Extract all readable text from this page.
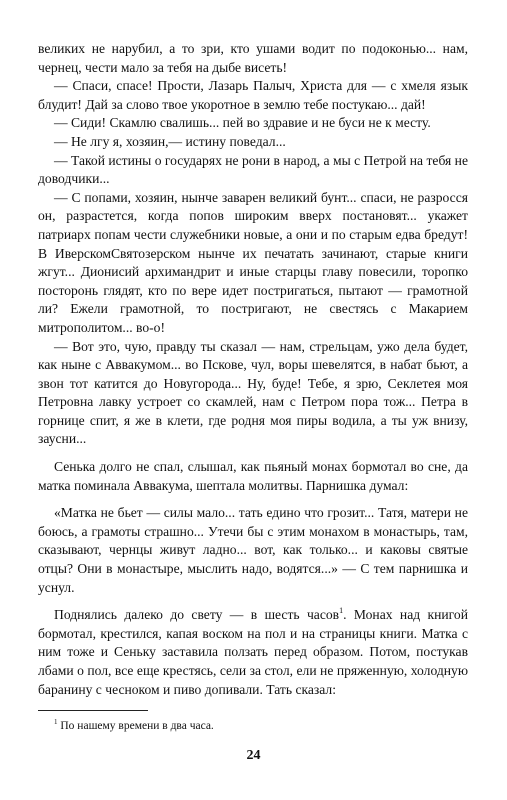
великих не нарубил, а то зри, кто ушами водит по подоконью... нам, чернец, чести мало за тебя на дыбе висеть!

— Спаси, спасе! Прости, Лазарь Палыч, Христа для — с хмеля язык блудит! Дай за слово твое укоротное в землю тебе постукаю... дай!

— Сиди! Скамлю свалишь... пей во здравие и не буси не к месту.

— Не лгу я, хозяин,— истину поведал...

— Такой истины о государях не рони в народ, а мы с Петрой на тебя не доводчики...

— С попами, хозяин, нынче заварен великий бунт... спаси, не разросся он, разрастется, когда попов широким вверх постановят... укажет патриарх попам чести служебники новые, а они и по старым едва бредут! В ИверскомСвятозерском нынче их печатать зачинают, старые книги жгут... Дионисий архимандрит и иные старцы главу повесили, торопко посторонь глядят, кто по вере идет постригаться, пытают — грамотной ли? Ежели грамотной, то постригают, не свестясь с Макарием митрополитом... во-о!

— Вот это, чую, правду ты сказал — нам, стрельцам, ужо дела будет, как ныне с Аввакумом... во Пскове, чул, воры шевелятся, в набат бьют, а звон тот катится до Новугорода... Ну, буде! Тебе, я зрю, Секлетея моя Петровна лавку устроет со скамлей, нам с Петром пора тож... Петра в горнице спит, я же в клети, где родня моя пиры водила, а ты уж внизу, заусни...

Сенька долго не спал, слышал, как пьяный монах бормотал во сне, да матка поминала Аввакума, шептала молитвы. Парнишка думал:

«Матка не бьет — силы мало... тать едино что грозит... Татя, матери не боюсь, а грамоты страшно... Утечи бы с этим монахом в монастырь, там, сказывают, чернцы живут ладно... вот, как только... и каковы святые отцы? Они в монастыре, мыслить надо, водятся...» — С тем парнишка и уснул.

Поднялись далеко до свету — в шесть часов$^1$. Монах над книгой бормотал, крестился, капая воском на пол и на страницы книги. Матка с ним тоже и Сеньку заставила ползать перед образом. Потом, постукав лбами о пол, все еще крестясь, сели за стол, ели не пряженную, холодную баранину с чесноком и пиво допивали. Тать сказал:

$^1$ По нашему времени в два часа.
24
